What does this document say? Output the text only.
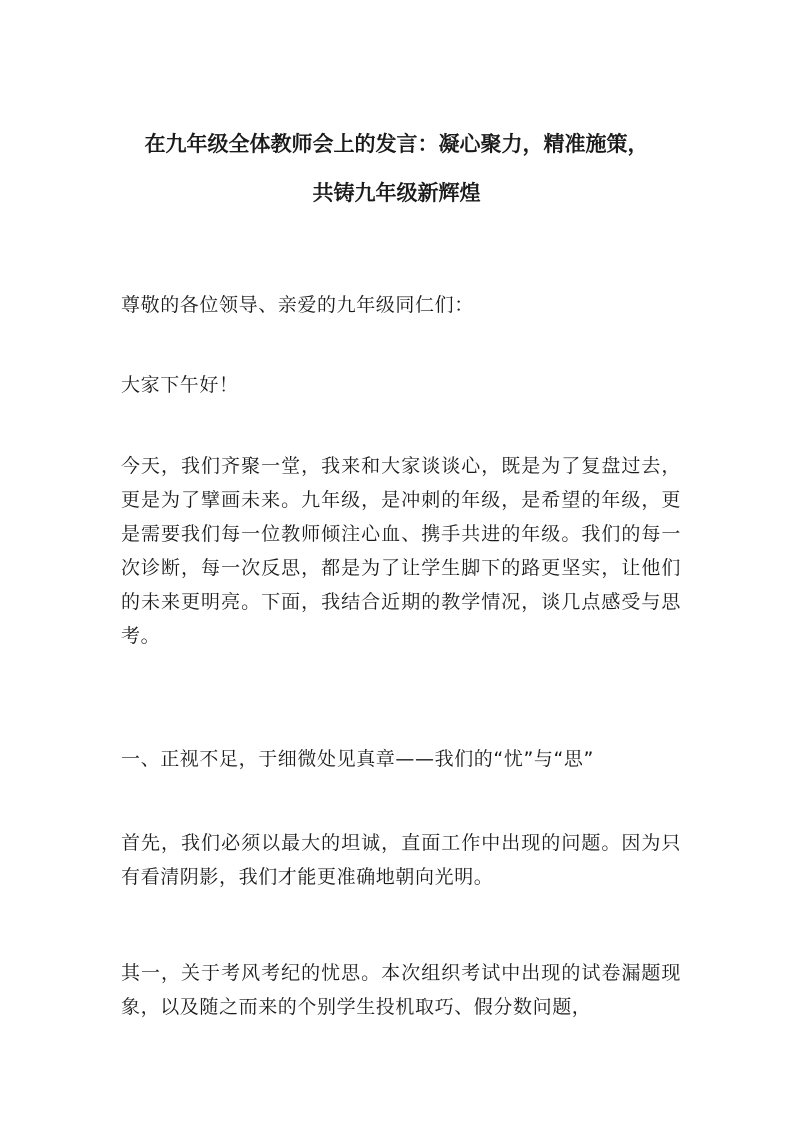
在九年级全体教师会上的发言：凝心聚力，精准施策，
共铸九年级新辉煌
尊敬的各位领导、亲爱的九年级同仁们：
大家下午好！
今天，我们齐聚一堂，我来和大家谈谈心，既是为了复盘过去，更是为了擘画未来。九年级，是冲刺的年级，是希望的年级，更是需要我们每一位教师倾注心血、携手共进的年级。我们的每一次诊断，每一次反思，都是为了让学生脚下的路更坚实，让他们的未来更明亮。下面，我结合近期的教学情况，谈几点感受与思考。
一、正视不足，于细微处见真章——我们的“忧”与“思”
首先，我们必须以最大的坦诚，直面工作中出现的问题。因为只有看清阴影，我们才能更准确地朝向光明。
其一，关于考风考纪的忧思。本次组织考试中出现的试卷漏题现象，以及随之而来的个别学生投机取巧、假分数问题，
